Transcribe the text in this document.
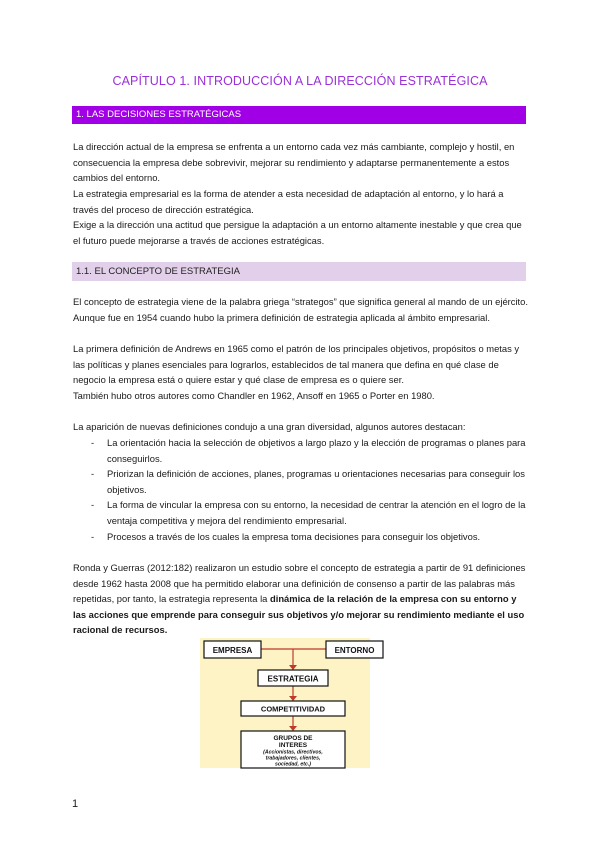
CAPÍTULO 1. INTRODUCCIÓN A LA DIRECCIÓN ESTRATÉGICA
1. LAS DECISIONES ESTRATÉGICAS

La dirección actual de la empresa se enfrenta a un entorno cada vez más cambiante, complejo y hostil, en consecuencia la empresa debe sobrevivir, mejorar su rendimiento y adaptarse permanentemente a estos cambios del entorno.

La estrategia empresarial es la forma de atender a esta necesidad de adaptación al entorno, y lo hará a través del proceso de dirección estratégica.

Exige a la dirección una actitud que persigue la adaptación a un entorno altamente inestable y que crea que el futuro puede mejorarse a través de acciones estratégicas.

1.1. EL CONCEPTO DE ESTRATEGIA

El concepto de estrategia viene de la palabra griega “strategos” que significa general al mando de un ejército. Aunque fue en 1954 cuando hubo la primera definición de estrategia aplicada al ámbito empresarial.

La primera definición de Andrews en 1965 como el patrón de los principales objetivos, propósitos o metas y las políticas y planes esenciales para lograrlos, establecidos de tal manera que defina en qué clase de negocio la empresa está o quiere estar y qué clase de empresa es o quiere ser.

También hubo otros autores como Chandler en 1962, Ansoff en 1965 o Porter en 1980.

La aparición de nuevas definiciones condujo a una gran diversidad, algunos autores destacan:

- La orientación hacia la selección de objetivos a largo plazo y la elección de programas o planes para conseguirlos.
- Priorizan la definición de acciones, planes, programas u orientaciones necesarias para conseguir los objetivos.
- La forma de vincular la empresa con su entorno, la necesidad de centrar la atención en el logro de la ventaja competitiva y mejora del rendimiento empresarial.
- Procesos a través de los cuales la empresa toma decisiones para conseguir los objetivos.

Ronda y Guerras (2012:182) realizaron un estudio sobre el concepto de estrategia a partir de 91 definiciones desde 1962 hasta 2008 que ha permitido elaborar una definición de consenso a partir de las palabras más repetidas, por tanto, la estrategia representa la dinámica de la relación de la empresa con su entorno y las acciones que emprende para conseguir sus objetivos y/o mejorar su rendimiento mediante el uso racional de recursos.

EMPRESA	ENTORNO
ESTRATEGIA
COMPETITIVIDAD
GRUPOS DE
INTERES
(Accionistas, directivos,
trabajadores, clientes,
sociedad, etc.)
1
